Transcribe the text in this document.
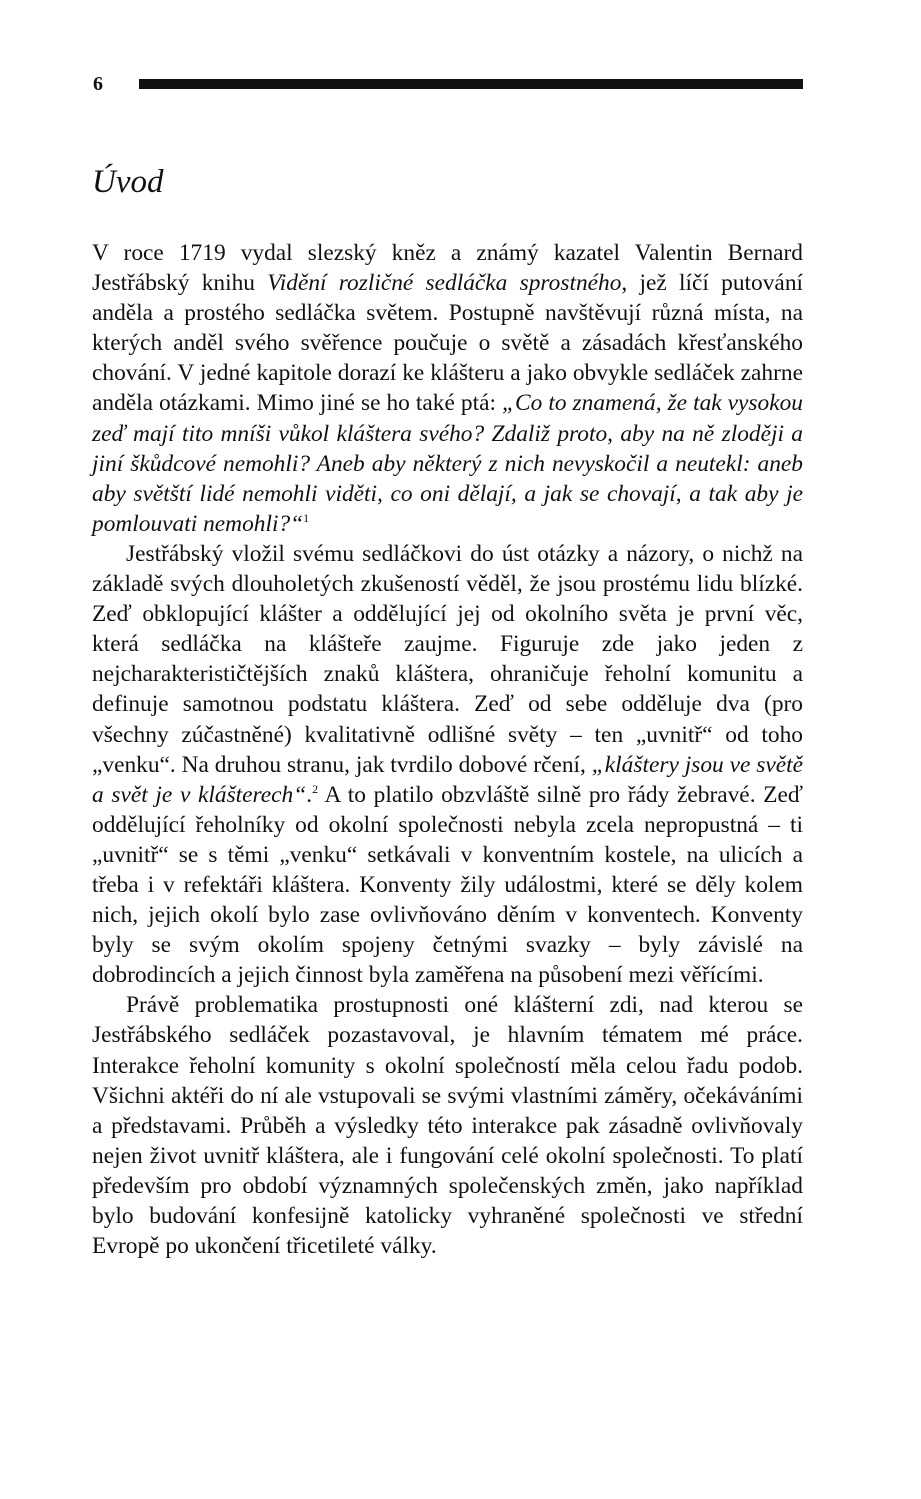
6
Úvod

V roce 1719 vydal slezský kněz a známý kazatel Valentin Bernard Jestřábský knihu Vidění rozličné sedláčka sprostného, jež líčí putování anděla a prostého sedláčka světem. Postupně navštěvují různá místa, na kterých anděl svého svěřence poučuje o světě a zásadách křesťanského chování. V jedné kapitole dorazí ke klášteru a jako obvykle sedláček zahrne anděla otázkami. Mimo jiné se ho také ptá: „Co to znamená, že tak vysokou zeď mají tito mníši vůkol kláštera svého? Zdaliž proto, aby na ně zloději a jiní škůdcové nemohli? Aneb aby některý z nich nevyskočil a neutekl: aneb aby světští lidé nemohli viděti, co oni dělají, a jak se chovají, a tak aby je pomlouvati nemohli?“$^1$

Jestřábský vložil svému sedláčkovi do úst otázky a názory, o nichž na základě svých dlouholetých zkušeností věděl, že jsou prostému lidu blízké. Zeď obklopující klášter a oddělující jej od okolního světa je první věc, která sedláčka na klášteře zaujme. Figuruje zde jako jeden z nejcharakterističtějších znaků kláštera, ohraničuje řeholní komunitu a definuje samotnou podstatu kláštera. Zeď od sebe odděluje dva (pro všechny zúčastněné) kvalitativně odlišné světy – ten „uvnitř“ od toho „venku“. Na druhou stranu, jak tvrdilo dobové rčení, „kláštery jsou ve světě a svět je v klášterech“.$^2$ A to platilo obzvláště silně pro řády žebravé. Zeď oddělující řeholníky od okolní společnosti nebyla zcela nepropustná – ti „uvnitř“ se s těmi „venku“ setkávali v konventním kostele, na ulicích a třeba i v refektáři kláštera. Konventy žily událostmi, které se děly kolem nich, jejich okolí bylo zase ovlivňováno děním v konventech. Konventy byly se svým okolím spojeny četnými svazky – byly závislé na dobrodincích a jejich činnost byla zaměřena na působení mezi věřícími.

Právě problematika prostupnosti oné klášterní zdi, nad kterou se Jestřábského sedláček pozastavoval, je hlavním tématem mé práce. Interakce řeholní komunity s okolní společností měla celou řadu podob. Všichni aktéři do ní ale vstupovali se svými vlastními záměry, očekáváními a představami. Průběh a výsledky této interakce pak zásadně ovlivňovaly nejen život uvnitř kláštera, ale i fungování celé okolní společnosti. To platí především pro období významných společenských změn, jako například bylo budování konfesijně katolicky vyhraněné společnosti ve střední Evropě po ukončení třicetileté války.
